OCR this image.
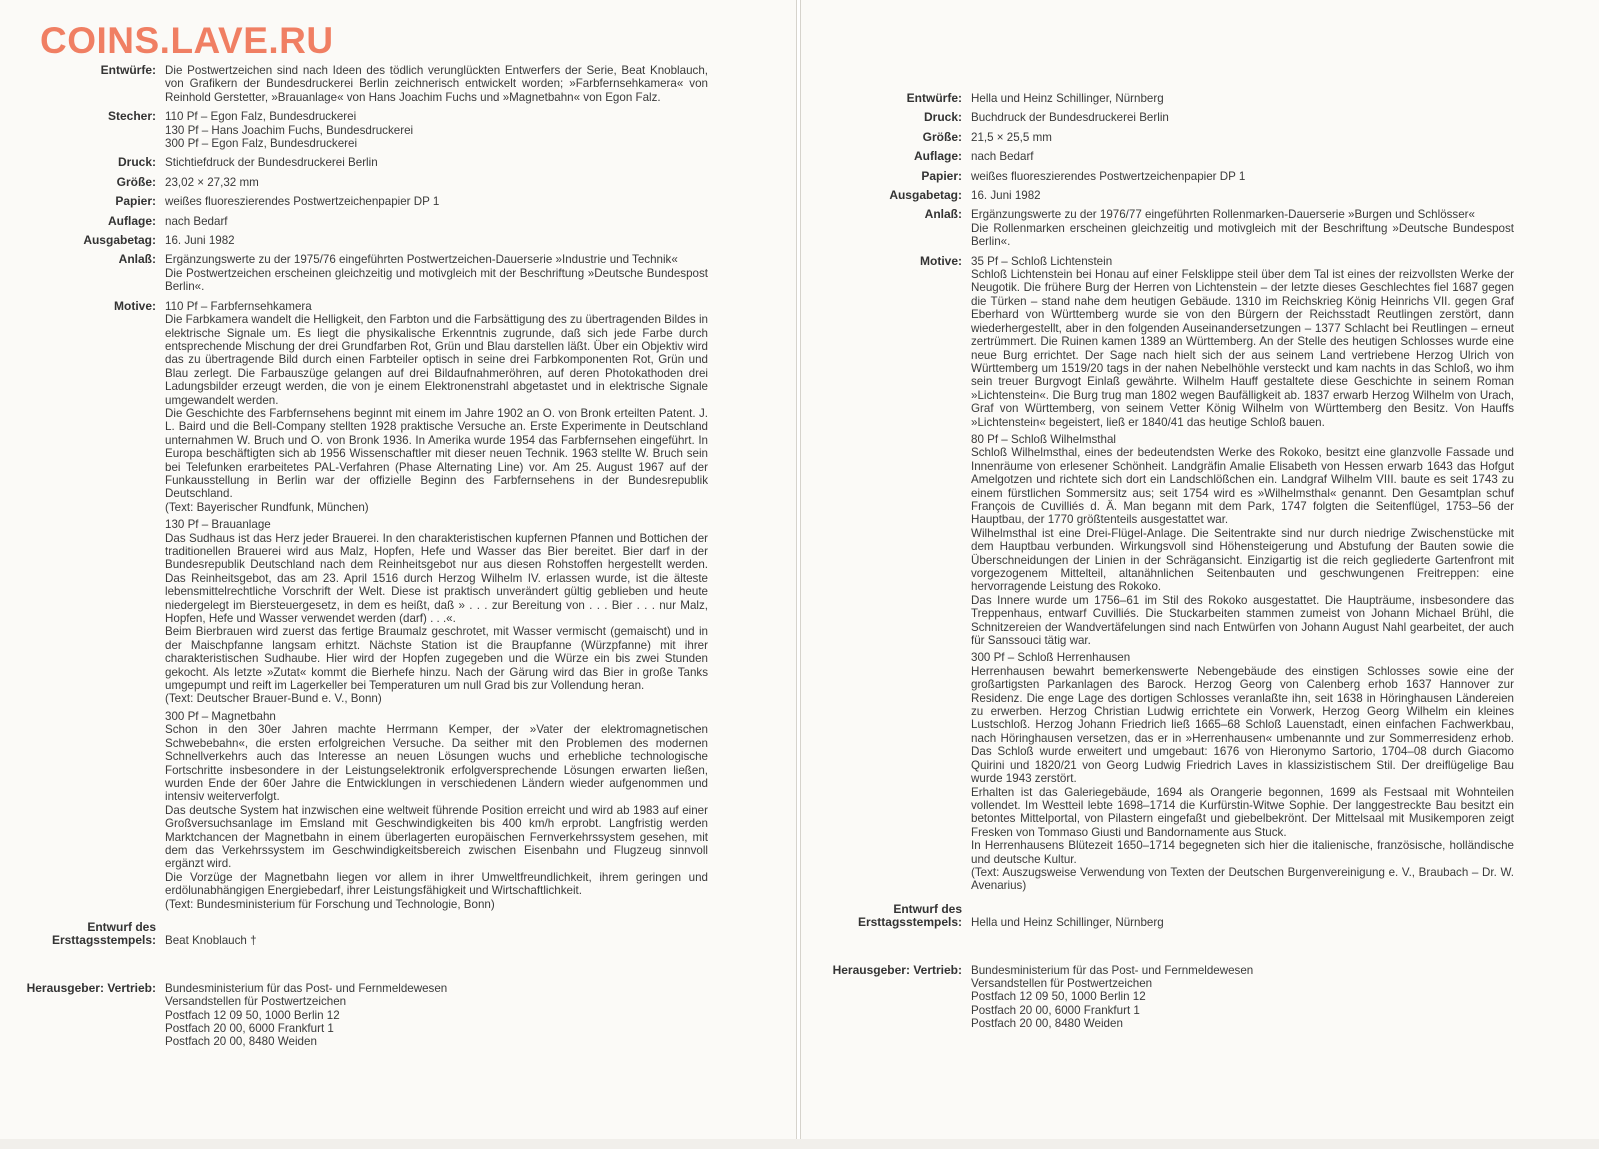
COINS.LAVE.RU
Entwürfe: Die Postwertzeichen sind nach Ideen des tödlich verunglückten Entwerfers der Serie, Beat Knoblauch, von Grafikern der Bundesdruckerei Berlin zeichnerisch entwickelt worden; »Farbfernsehkamera« von Reinhold Gerstetter, »Brauanlage« von Hans Joachim Fuchs und »Magnetbahn« von Egon Falz.

Stecher: 110 Pf – Egon Falz, Bundesdruckerei
130 Pf – Hans Joachim Fuchs, Bundesdruckerei
300 Pf – Egon Falz, Bundesdruckerei
Druck: Stichtiefdruck der Bundesdruckerei Berlin

Größe: 23,02 × 27,32 mm

Papier: weißes fluoreszierendes Postwertzeichenpapier DP 1

Auflage: nach Bedarf

Ausgabetag: 16. Juni 1982

Anlaß: Ergänzungswerte zu der 1975/76 eingeführten Postwertzeichen-Dauerserie »Industrie und Technik«

Die Postwertzeichen erscheinen gleichzeitig und motivgleich mit der Beschriftung »Deutsche Bundespost Berlin«.

Motive: 110 Pf – Farbfernsehkamera

Die Farbkamera wandelt die Helligkeit, den Farbton und die Farbsättigung des zu übertragenden Bildes in elektrische Signale um. Es liegt die physikalische Erkenntnis zugrunde, daß sich jede Farbe durch entsprechende Mischung der drei Grundfarben Rot, Grün und Blau darstellen läßt. Über ein Objektiv wird das zu übertragende Bild durch einen Farbteiler optisch in seine drei Farbkomponenten Rot, Grün und Blau zerlegt. Die Farbauszüge gelangen auf drei Bildaufnahmeröhren, auf deren Photokathoden drei Ladungsbilder erzeugt werden, die von je einem Elektronenstrahl abgetastet und in elektrische Signale umgewandelt werden.

Die Geschichte des Farbfernsehens beginnt mit einem im Jahre 1902 an O. von Bronk erteilten Patent. J. L. Baird und die Bell-Company stellten 1928 praktische Versuche an. Erste Experimente in Deutschland unternahmen W. Bruch und O. von Bronk 1936. In Amerika wurde 1954 das Farbfernsehen eingeführt. In Europa beschäftigten sich ab 1956 Wissenschaftler mit dieser neuen Technik. 1963 stellte W. Bruch sein bei Telefunken erarbeitetes PAL-Verfahren (Phase Alternating Line) vor. Am 25. August 1967 auf der Funkausstellung in Berlin war der offizielle Beginn des Farbfernsehens in der Bundesrepublik Deutschland.

(Text: Bayerischer Rundfunk, München)

130 Pf – Brauanlage

Das Sudhaus ist das Herz jeder Brauerei. In den charakteristischen kupfernen Pfannen und Bottichen der traditionellen Brauerei wird aus Malz, Hopfen, Hefe und Wasser das Bier bereitet. Bier darf in der Bundesrepublik Deutschland nach dem Reinheitsgebot nur aus diesen Rohstoffen hergestellt werden. Das Reinheitsgebot, das am 23. April 1516 durch Herzog Wilhelm IV. erlassen wurde, ist die älteste lebensmittelrechtliche Vorschrift der Welt. Diese ist praktisch unverändert gültig geblieben und heute niedergelegt im Biersteuergesetz, in dem es heißt, daß » . . . zur Bereitung von . . . Bier . . . nur Malz, Hopfen, Hefe und Wasser verwendet werden (darf) . . .«.

Beim Bierbrauen wird zuerst das fertige Braumalz geschrotet, mit Wasser vermischt (gemaischt) und in der Maischpfanne langsam erhitzt. Nächste Station ist die Braupfanne (Würzpfanne) mit ihrer charakteristischen Sudhaube. Hier wird der Hopfen zugegeben und die Würze ein bis zwei Stunden gekocht. Als letzte »Zutat« kommt die Bierhefe hinzu. Nach der Gärung wird das Bier in große Tanks umgepumpt und reift im Lagerkeller bei Temperaturen um null Grad bis zur Vollendung heran.

(Text: Deutscher Brauer-Bund e. V., Bonn)

300 Pf – Magnetbahn

Schon in den 30er Jahren machte Herrmann Kemper, der »Vater der elektromagnetischen Schwebebahn«, die ersten erfolgreichen Versuche. Da seither mit den Problemen des modernen Schnellverkehrs auch das Interesse an neuen Lösungen wuchs und erhebliche technologische Fortschritte insbesondere in der Leistungselektronik erfolgversprechende Lösungen erwarten ließen, wurden Ende der 60er Jahre die Entwicklungen in verschiedenen Ländern wieder aufgenommen und intensiv weiterverfolgt.

Das deutsche System hat inzwischen eine weltweit führende Position erreicht und wird ab 1983 auf einer Großversuchsanlage im Emsland mit Geschwindigkeiten bis 400 km/h erprobt. Langfristig werden Marktchancen der Magnetbahn in einem überlagerten europäischen Fernverkehrssystem gesehen, mit dem das Verkehrssystem im Geschwindigkeitsbereich zwischen Eisenbahn und Flugzeug sinnvoll ergänzt wird.

Die Vorzüge der Magnetbahn liegen vor allem in ihrer Umweltfreundlichkeit, ihrem geringen und erdölunabhängigen Energiebedarf, ihrer Leistungsfähigkeit und Wirtschaftlichkeit.

(Text: Bundesministerium für Forschung und Technologie, Bonn)

Entwurf des Ersttagsstempels: Beat Knoblauch †

Herausgeber: Vertrieb: Bundesministerium für das Post- und Fernmeldewesen
Versandstellen für Postwertzeichen
Postfach 12 09 50, 1000 Berlin 12
Postfach 20 00, 6000 Frankfurt 1
Postfach 20 00, 8480 Weiden
Entwürfe: Hella und Heinz Schillinger, Nürnberg

Druck: Buchdruck der Bundesdruckerei Berlin

Größe: 21,5 × 25,5 mm

Auflage: nach Bedarf

Papier: weißes fluoreszierendes Postwertzeichenpapier DP 1

Ausgabetag: 16. Juni 1982

Anlaß: Ergänzungswerte zu der 1976/77 eingeführten Rollenmarken-Dauerserie »Burgen und Schlösser«

Die Rollenmarken erscheinen gleichzeitig und motivgleich mit der Beschriftung »Deutsche Bundespost Berlin«.

Motive: 35 Pf – Schloß Lichtenstein

Schloß Lichtenstein bei Honau auf einer Felsklippe steil über dem Tal ist eines der reizvollsten Werke der Neugotik. Die frühere Burg der Herren von Lichtenstein – der letzte dieses Geschlechtes fiel 1687 gegen die Türken – stand nahe dem heutigen Gebäude. 1310 im Reichskrieg König Heinrichs VII. gegen Graf Eberhard von Württemberg wurde sie von den Bürgern der Reichsstadt Reutlingen zerstört, dann wiederhergestellt, aber in den folgenden Auseinandersetzungen – 1377 Schlacht bei Reutlingen – erneut zertrümmert. Die Ruinen kamen 1389 an Württemberg. An der Stelle des heutigen Schlosses wurde eine neue Burg errichtet. Der Sage nach hielt sich der aus seinem Land vertriebene Herzog Ulrich von Württemberg um 1519/20 tags in der nahen Nebelhöhle versteckt und kam nachts in das Schloß, wo ihm sein treuer Burgvogt Einlaß gewährte. Wilhelm Hauff gestaltete diese Geschichte in seinem Roman »Lichtenstein«. Die Burg trug man 1802 wegen Baufälligkeit ab. 1837 erwarb Herzog Wilhelm von Urach, Graf von Württemberg, von seinem Vetter König Wilhelm von Württemberg den Besitz. Von Hauffs »Lichtenstein« begeistert, ließ er 1840/41 das heutige Schloß bauen.

80 Pf – Schloß Wilhelmsthal

Schloß Wilhelmsthal, eines der bedeutendsten Werke des Rokoko, besitzt eine glanzvolle Fassade und Innenräume von erlesener Schönheit. Landgräfin Amalie Elisabeth von Hessen erwarb 1643 das Hofgut Amelgotzen und richtete sich dort ein Landschlößchen ein. Landgraf Wilhelm VIII. baute es seit 1743 zu einem fürstlichen Sommersitz aus; seit 1754 wird es »Wilhelmsthal« genannt. Den Gesamtplan schuf François de Cuvilliés d. Ä. Man begann mit dem Park, 1747 folgten die Seitenflügel, 1753–56 der Hauptbau, der 1770 größtenteils ausgestattet war.

Wilhelmsthal ist eine Drei-Flügel-Anlage. Die Seitentrakte sind nur durch niedrige Zwischenstücke mit dem Hauptbau verbunden. Wirkungsvoll sind Höhensteigerung und Abstufung der Bauten sowie die Überschneidungen der Linien in der Schrägansicht. Einzigartig ist die reich gegliederte Gartenfront mit vorgezogenem Mittelteil, altanähnlichen Seitenbauten und geschwungenen Freitreppen: eine hervorragende Leistung des Rokoko.

Das Innere wurde um 1756–61 im Stil des Rokoko ausgestattet. Die Haupträume, insbesondere das Treppenhaus, entwarf Cuvilliés. Die Stuckarbeiten stammen zumeist von Johann Michael Brühl, die Schnitzereien der Wandvertäfelungen sind nach Entwürfen von Johann August Nahl gearbeitet, der auch für Sanssouci tätig war.

300 Pf – Schloß Herrenhausen

Herrenhausen bewahrt bemerkenswerte Nebengebäude des einstigen Schlosses sowie eine der großartigsten Parkanlagen des Barock. Herzog Georg von Calenberg erhob 1637 Hannover zur Residenz. Die enge Lage des dortigen Schlosses veranlaßte ihn, seit 1638 in Höringhausen Ländereien zu erwerben. Herzog Christian Ludwig errichtete ein Vorwerk, Herzog Georg Wilhelm ein kleines Lustschloß. Herzog Johann Friedrich ließ 1665–68 Schloß Lauenstadt, einen einfachen Fachwerkbau, nach Höringhausen versetzen, das er in »Herrenhausen« umbenannte und zur Sommerresidenz erhob. Das Schloß wurde erweitert und umgebaut: 1676 von Hieronymo Sartorio, 1704–08 durch Giacomo Quirini und 1820/21 von Georg Ludwig Friedrich Laves in klassizistischem Stil. Der dreiflügelige Bau wurde 1943 zerstört.

Erhalten ist das Galeriegebäude, 1694 als Orangerie begonnen, 1699 als Festsaal mit Wohnteilen vollendet. Im Westteil lebte 1698–1714 die Kurfürstin-Witwe Sophie. Der langgestreckte Bau besitzt ein betontes Mittelportal, von Pilastern eingefaßt und giebelbekrönt. Der Mittelsaal mit Musikemporen zeigt Fresken von Tommaso Giusti und Bandornamente aus Stuck.

In Herrenhausens Blütezeit 1650–1714 begegneten sich hier die italienische, französische, holländische und deutsche Kultur.

(Text: Auszugsweise Verwendung von Texten der Deutschen Burgenvereinigung e. V., Braubach – Dr. W. Avenarius)

Entwurf des Ersttagsstempels: Hella und Heinz Schillinger, Nürnberg

Herausgeber: Vertrieb: Bundesministerium für das Post- und Fernmeldewesen
Versandstellen für Postwertzeichen
Postfach 12 09 50, 1000 Berlin 12
Postfach 20 00, 6000 Frankfurt 1
Postfach 20 00, 8480 Weiden
